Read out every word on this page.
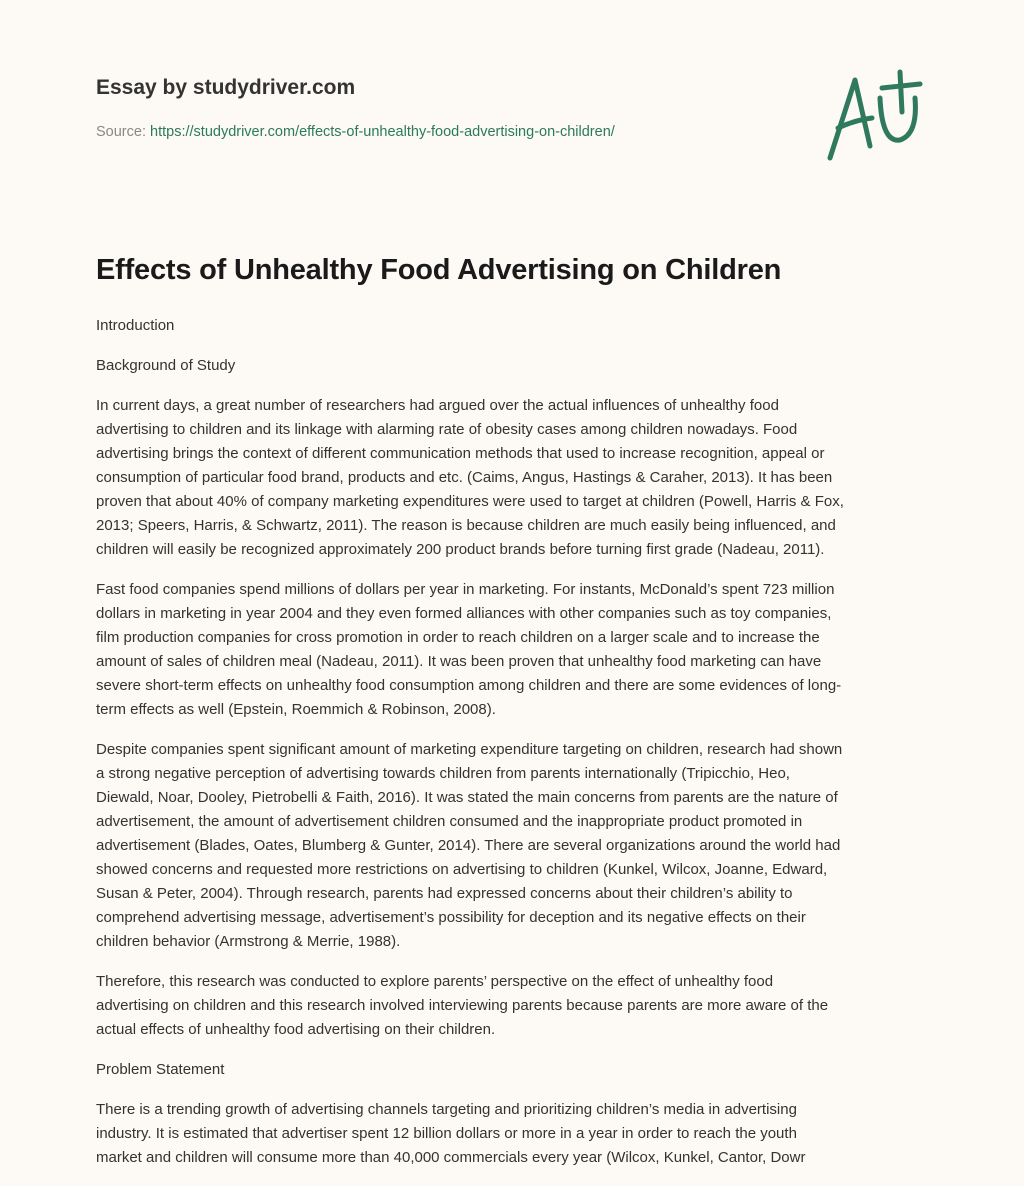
Essay by studydriver.com
Source: https://studydriver.com/effects-of-unhealthy-food-advertising-on-children/
Effects of Unhealthy Food Advertising on Children

Introduction

Background of Study

In current days, a great number of researchers had argued over the actual influences of unhealthy food
advertising to children and its linkage with alarming rate of obesity cases among children nowadays. Food
advertising brings the context of different communication methods that used to increase recognition, appeal or
consumption of particular food brand, products and etc. (Caims, Angus, Hastings & Caraher, 2013). It has been
proven that about 40% of company marketing expenditures were used to target at children (Powell, Harris & Fox,
2013; Speers, Harris, & Schwartz, 2011). The reason is because children are much easily being influenced, and
children will easily be recognized approximately 200 product brands before turning first grade (Nadeau, 2011).

Fast food companies spend millions of dollars per year in marketing. For instants, McDonald’s spent 723 million
dollars in marketing in year 2004 and they even formed alliances with other companies such as toy companies,
film production companies for cross promotion in order to reach children on a larger scale and to increase the
amount of sales of children meal (Nadeau, 2011). It was been proven that unhealthy food marketing can have
severe short-term effects on unhealthy food consumption among children and there are some evidences of long-
term effects as well (Epstein, Roemmich & Robinson, 2008).

Despite companies spent significant amount of marketing expenditure targeting on children, research had shown
a strong negative perception of advertising towards children from parents internationally (Tripicchio, Heo,
Diewald, Noar, Dooley, Pietrobelli & Faith, 2016). It was stated the main concerns from parents are the nature of
advertisement, the amount of advertisement children consumed and the inappropriate product promoted in
advertisement (Blades, Oates, Blumberg & Gunter, 2014). There are several organizations around the world had
showed concerns and requested more restrictions on advertising to children (Kunkel, Wilcox, Joanne, Edward,
Susan & Peter, 2004). Through research, parents had expressed concerns about their children’s ability to
comprehend advertising message, advertisement’s possibility for deception and its negative effects on their
children behavior (Armstrong & Merrie, 1988).

Therefore, this research was conducted to explore parents’ perspective on the effect of unhealthy food
advertising on children and this research involved interviewing parents because parents are more aware of the
actual effects of unhealthy food advertising on their children.

Problem Statement

There is a trending growth of advertising channels targeting and prioritizing children’s media in advertising
industry. It is estimated that advertiser spent 12 billion dollars or more in a year in order to reach the youth
market and children will consume more than 40,000 commercials every year (Wilcox, Kunkel, Cantor, Dowr
